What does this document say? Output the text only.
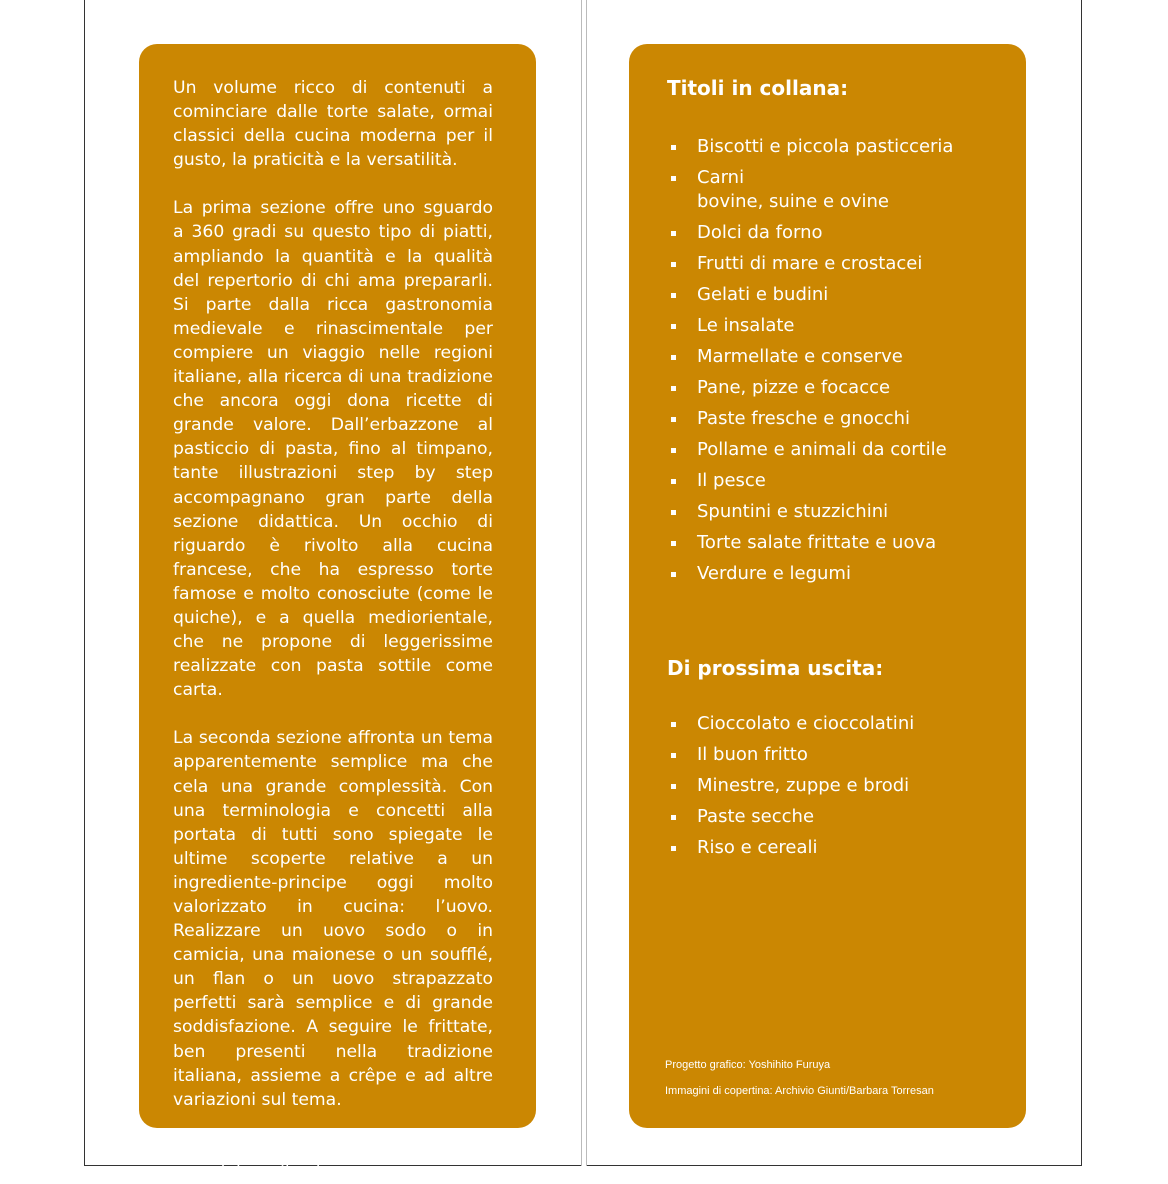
Un volume ricco di contenuti a cominciare dalle torte salate, ormai classici della cucina moderna per il gusto, la praticità e la versatilità.

La prima sezione offre uno sguardo a 360 gradi su questo tipo di piatti, ampliando la quantità e la qualità del repertorio di chi ama prepararli. Si parte dalla ricca gastronomia medievale e rinascimentale per compiere un viaggio nelle regioni italiane, alla ricerca di una tradizione che ancora oggi dona ricette di grande valore. Dall’erbazzone al pasticcio di pasta, fino al timpano, tante illustrazioni step by step accompagnano gran parte della sezione didattica. Un occhio di riguardo è rivolto alla cucina francese, che ha espresso torte famose e molto conosciute (come le quiche), e a quella mediorientale, che ne propone di leggerissime realizzate con pasta sottile come carta.

La seconda sezione affronta un tema apparentemente semplice ma che cela una grande complessità. Con una terminologia e concetti alla portata di tutti sono spiegate le ultime scoperte relative a un ingrediente-principe oggi molto valorizzato in cucina: l’uovo. Realizzare un uovo sodo o in camicia, una maionese o un soufflé, un flan o un uovo strapazzato perfetti sarà semplice e di grande soddisfazione. A seguire le frittate, ben presenti nella tradizione italiana, assieme a crêpe e ad altre variazioni sul tema.

Ricette selezionate e testate completano il volume.

Titoli in collana:
Biscotti e piccola pasticceria
Carni
bovine, suine e ovine
Dolci da forno
Frutti di mare e crostacei
Gelati e budini
Le insalate
Marmellate e conserve
Pane, pizze e focacce
Paste fresche e gnocchi
Pollame e animali da cortile
Il pesce
Spuntini e stuzzichini
Torte salate frittate e uova
Verdure e legumi
Di prossima uscita:
Cioccolato e cioccolatini
Il buon fritto
Minestre, zuppe e brodi
Paste secche
Riso e cereali
Progetto grafico: Yoshihito Furuya
Immagini di copertina: Archivio Giunti/Barbara Torresan
